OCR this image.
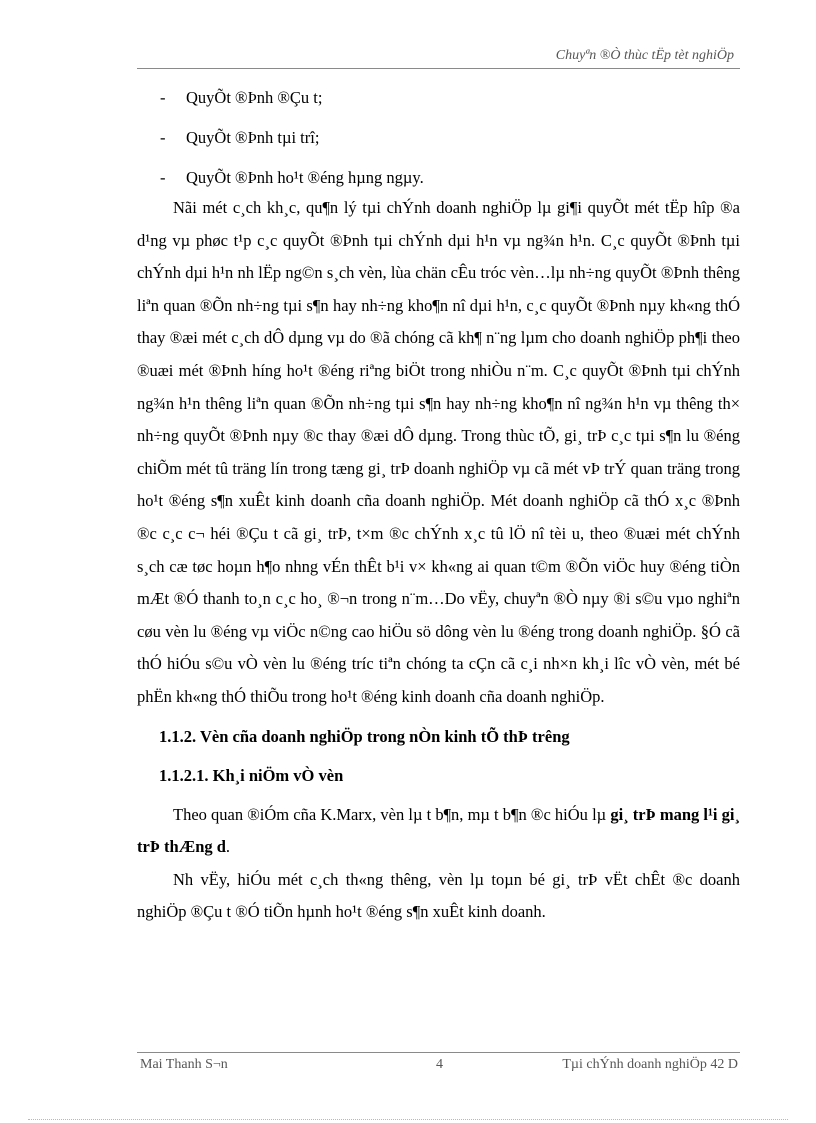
Chuyªn ®Ò thùc tËp tèt nghiÖp
- QuyÕt ®Þnh ®Çu t;
- QuyÕt ®Þnh tµi trî;
- QuyÕt ®Þnh ho¹t ®éng hµng ngµy.

Nãi mét c¸ch kh¸c, qu¶n lý tµi chÝnh doanh nghiÖp lµ gi¶i quyÕt mét tËp hîp ®a d¹ng vµ phøc t¹p c¸c quyÕt ®Þnh tµi chÝnh dµi h¹n vµ ng¾n h¹n. C¸c quyÕt ®Þnh tµi chÝnh dµi h¹n nh lËp ng©n s¸ch vèn, lùa chän cÊu tróc vèn…lµ nh÷ng quyÕt ®Þnh thêng liªn quan ®Õn nh÷ng tµi s¶n hay nh÷ng kho¶n nî dµi h¹n, c¸c quyÕt ®Þnh nµy kh«ng thÓ thay ®æi mét c¸ch dÔ dµng vµ do ®ã chóng cã kh¶ n¨ng lµm cho doanh nghiÖp ph¶i theo ®uæi mét ®Þnh híng ho¹t ®éng riªng biÖt trong nhiÒu n¨m. C¸c quyÕt ®Þnh tµi chÝnh ng¾n h¹n thêng liªn quan ®Õn nh÷ng tµi s¶n hay nh÷ng kho¶n nî ng¾n h¹n vµ thêng th× nh÷ng quyÕt ®Þnh nµy ®c thay ®æi dÔ dµng. Trong thùc tÕ, gi¸ trÞ c¸c tµi s¶n lu ®éng chiÕm mét tû träng lín trong tæng gi¸ trÞ doanh nghiÖp vµ cã mét vÞ trÝ quan träng trong ho¹t ®éng s¶n xuÊt kinh doanh cña doanh nghiÖp. Mét doanh nghiÖp cã thÓ x¸c ®Þnh ®c c¸c c¬ héi ®Çu t cã gi¸ trÞ, t×m ®c chÝnh x¸c tû lÖ nî tèi u, theo ®uæi mét chÝnh s¸ch cæ tøc hoµn h¶o nhng vÉn thÊt b¹i v× kh«ng ai quan t©m ®Õn viÖc huy ®éng tiÒn mÆt ®Ó thanh to¸n c¸c ho¸ ®¬n trong n¨m…Do vËy, chuyªn ®Ò nµy ®i s©u vµo nghiªn cøu vèn lu ®éng vµ viÖc n©ng cao hiÖu sö dông vèn lu ®éng trong doanh nghiÖp. §Ó cã thÓ hiÓu s©u vÒ vèn lu ®éng tríc tiªn chóng ta cÇn cã c¸i nh×n kh¸i lîc vÒ vèn, mét bé phËn kh«ng thÓ thiÕu trong ho¹t ®éng kinh doanh cña doanh nghiÖp.

1.1.2. Vèn cña doanh nghiÖp trong nÒn kinh tÕ thÞ trêng

1.1.2.1. Kh¸i niÖm vÒ vèn

Theo quan ®iÓm cña K.Marx, vèn lµ t b¶n, mµ t b¶n ®c hiÓu lµ gi¸ trÞ mang l¹i gi¸ trÞ thÆng d.

Nh vËy, hiÓu mét c¸ch th«ng thêng, vèn lµ toµn bé gi¸ trÞ vËt chÊt ®c doanh nghiÖp ®Çu t ®Ó tiÕn hµnh ho¹t ®éng s¶n xuÊt kinh doanh.

Mai Thanh S¬n	4	Tµi chÝnh doanh nghiÖp 42 D
